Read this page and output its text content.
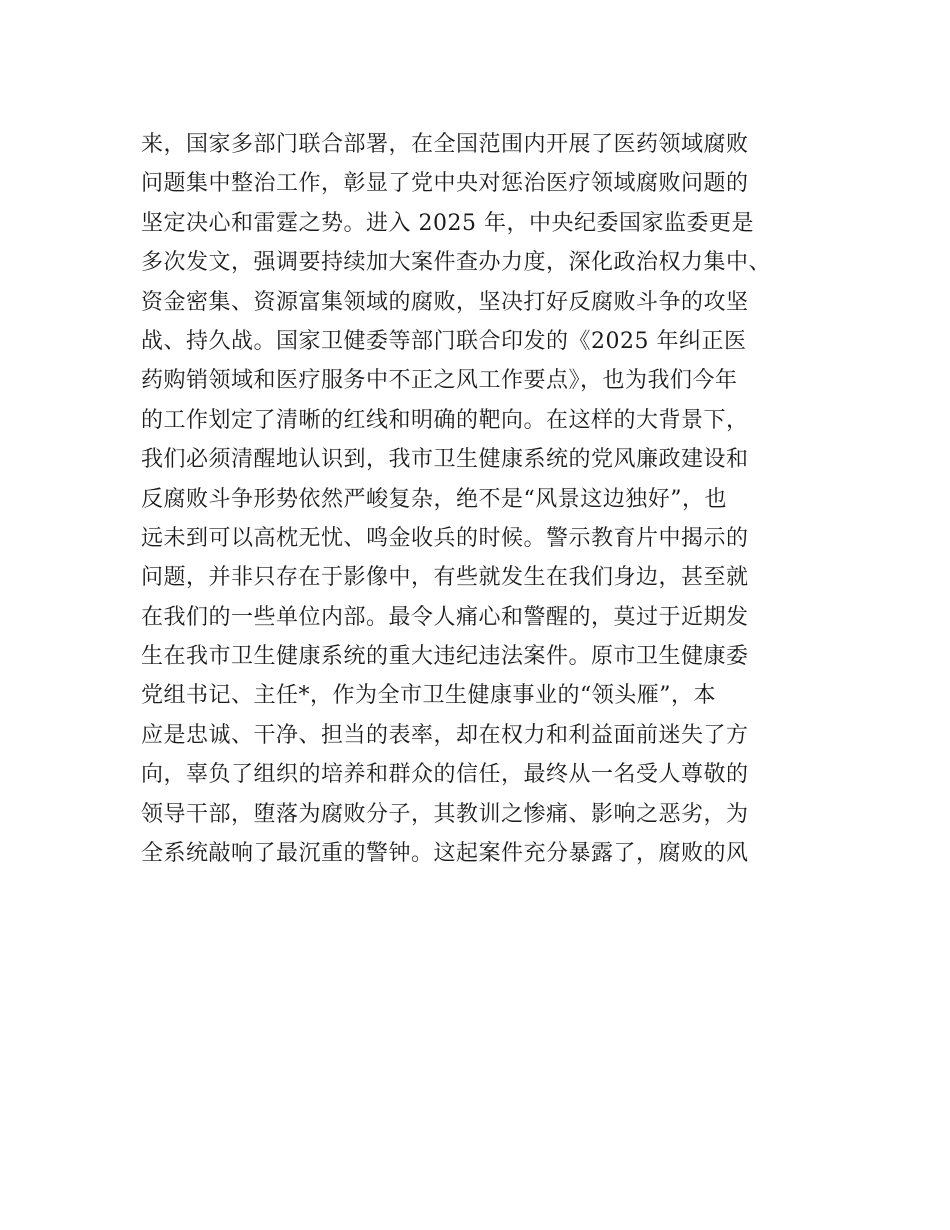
来，国家多部门联合部署，在全国范围内开展了医药领域腐败
问题集中整治工作，彰显了党中央对惩治医疗领域腐败问题的
坚定决心和雷霆之势。进入 2025 年，中央纪委国家监委更是
多次发文，强调要持续加大案件查办力度，深化政治权力集中、
资金密集、资源富集领域的腐败，坚决打好反腐败斗争的攻坚
战、持久战。国家卫健委等部门联合印发的《2025 年纠正医
药购销领域和医疗服务中不正之风工作要点》，也为我们今年
的工作划定了清晰的红线和明确的靶向。在这样的大背景下，
我们必须清醒地认识到，我市卫生健康系统的党风廉政建设和
反腐败斗争形势依然严峻复杂，绝不是“风景这边独好”，也
远未到可以高枕无忧、鸣金收兵的时候。警示教育片中揭示的
问题，并非只存在于影像中，有些就发生在我们身边，甚至就
在我们的一些单位内部。最令人痛心和警醒的，莫过于近期发
生在我市卫生健康系统的重大违纪违法案件。原市卫生健康委
党组书记、主任*，作为全市卫生健康事业的“领头雁”，本
应是忠诚、干净、担当的表率，却在权力和利益面前迷失了方
向，辜负了组织的培养和群众的信任，最终从一名受人尊敬的
领导干部，堕落为腐败分子，其教训之惨痛、影响之恶劣，为
全系统敲响了最沉重的警钟。这起案件充分暴露了，腐败的风
